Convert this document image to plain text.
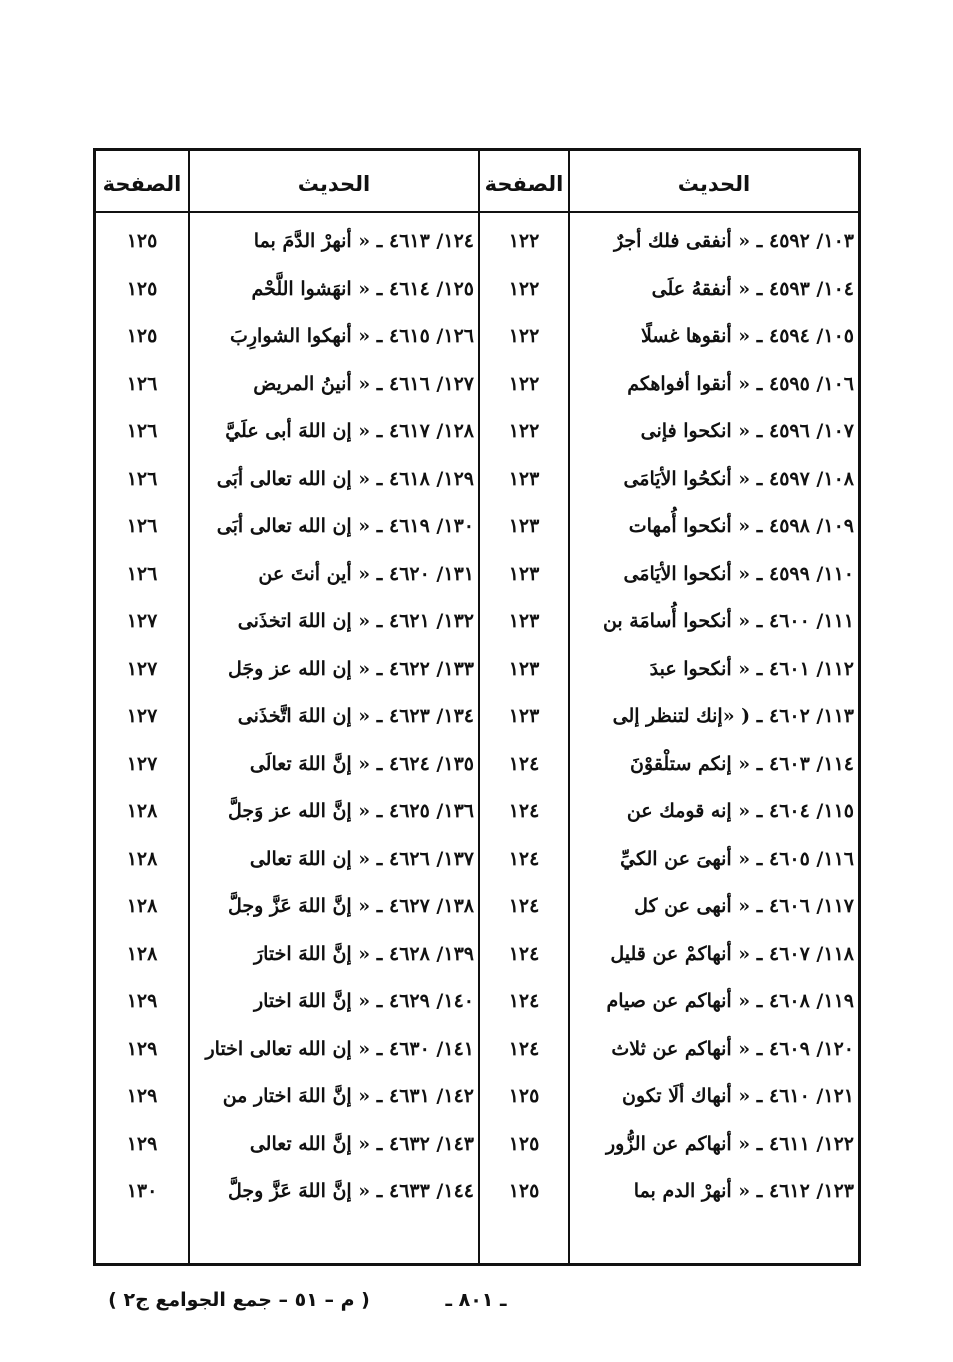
الصفحة	الحديث	الصفحة	الحديث
١٢٥	١٢٤/ ٤٦١٣ ـ « أنهرْ الدَّمَ بما	١٢٢	١٠٣/ ٤٥٩٢ ـ « أنفقى فلك أجرٌ
١٢٥	١٢٥/ ٤٦١٤ ـ « انهَشوا اللَّحْم	١٢٢	١٠٤/ ٤٥٩٣ ـ « أنفقهُ علَى
١٢٥	١٢٦/ ٤٦١٥ ـ « أنهكوا الشوارِبَ	١٢٢	١٠٥/ ٤٥٩٤ ـ « أنقوها غسلًا
١٢٦	١٢٧/ ٤٦١٦ ـ « أنينُ المريض	١٢٢	١٠٦/ ٤٥٩٥ ـ « أنقوا أفواهكم
١٢٦	١٢٨/ ٤٦١٧ ـ « إن اللهَ أبى علَيَّ	١٢٢	١٠٧/ ٤٥٩٦ ـ « انكحوا فإنى
١٢٦	١٢٩/ ٤٦١٨ ـ « إن الله تعالى أبَى	١٢٣	١٠٨/ ٤٥٩٧ ـ « أنكحُوا الأيَامَى
١٢٦	١٣٠/ ٤٦١٩ ـ « إن الله تعالى أبَى	١٢٣	١٠٩/ ٤٥٩٨ ـ « أنكحوا أُمهات
١٢٦	١٣١/ ٤٦٢٠ ـ « أين أنتَ عن	١٢٣	١١٠/ ٤٥٩٩ ـ « أنكحوا الأيَامَى
١٢٧	١٣٢/ ٤٦٢١ ـ « إن اللهَ اتخذَنى	١٢٣	١١١/ ٤٦٠٠ ـ « أنكحوا أُسامَة بن
١٢٧	١٣٣/ ٤٦٢٢ ـ « إن الله عز وجَل	١٢٣	١١٢/ ٤٦٠١ ـ « أنكحوا عبدَ
١٢٧	١٣٤/ ٤٦٢٣ ـ « إن اللهَ اتَّخذَنى	١٢٣	١١٣/ ٤٦٠٢ ـ ( «إنك لتنظر إلى
١٢٧	١٣٥/ ٤٦٢٤ ـ « إنَّ اللهَ تعالَى	١٢٤	١١٤/ ٤٦٠٣ ـ « إنكم ستلْقوْنَ
١٢٨	١٣٦/ ٤٦٢٥ ـ « إنَّ الله عز وَجلَّ	١٢٤	١١٥/ ٤٦٠٤ ـ « إنه قومك عن
١٢٨	١٣٧/ ٤٦٢٦ ـ « إن اللهَ تعالى	١٢٤	١١٦/ ٤٦٠٥ ـ « أنهىَ عن الكيِّ
١٢٨	١٣٨/ ٤٦٢٧ ـ « إنَّ اللهَ عَزَّ وجلَّ	١٢٤	١١٧/ ٤٦٠٦ ـ « أنهى عن كل
١٢٨	١٣٩/ ٤٦٢٨ ـ « إنَّ اللهَ اختارَ	١٢٤	١١٨/ ٤٦٠٧ ـ « أنهاكمْ عن قليل
١٢٩	١٤٠/ ٤٦٢٩ ـ « إنَّ اللهَ اختار	١٢٤	١١٩/ ٤٦٠٨ ـ « أنهاكم عن صيام
١٢٩	١٤١/ ٤٦٣٠ ـ « إن الله تعالى اختار	١٢٤	١٢٠/ ٤٦٠٩ ـ « أنهاكم عن ثلاث
١٢٩	١٤٢/ ٤٦٣١ ـ « إنَّ اللهَ اختار من	١٢٥	١٢١/ ٤٦١٠ ـ « أنهاك ألَا تكون
١٢٩	١٤٣/ ٤٦٣٢ ـ « إنَّ الله تعالى	١٢٥	١٢٢/ ٤٦١١ ـ « أنهاكم عن الزُّور
١٣٠	١٤٤/ ٤٦٣٣ ـ « إنَّ اللهَ عَزَّ وجلَّ	١٢٥	١٢٣/ ٤٦١٢ ـ « أنهرْ الدم بما
ـ ٨٠١ ـ
( م – ٥١ – جمع الجوامع ج٢ )
